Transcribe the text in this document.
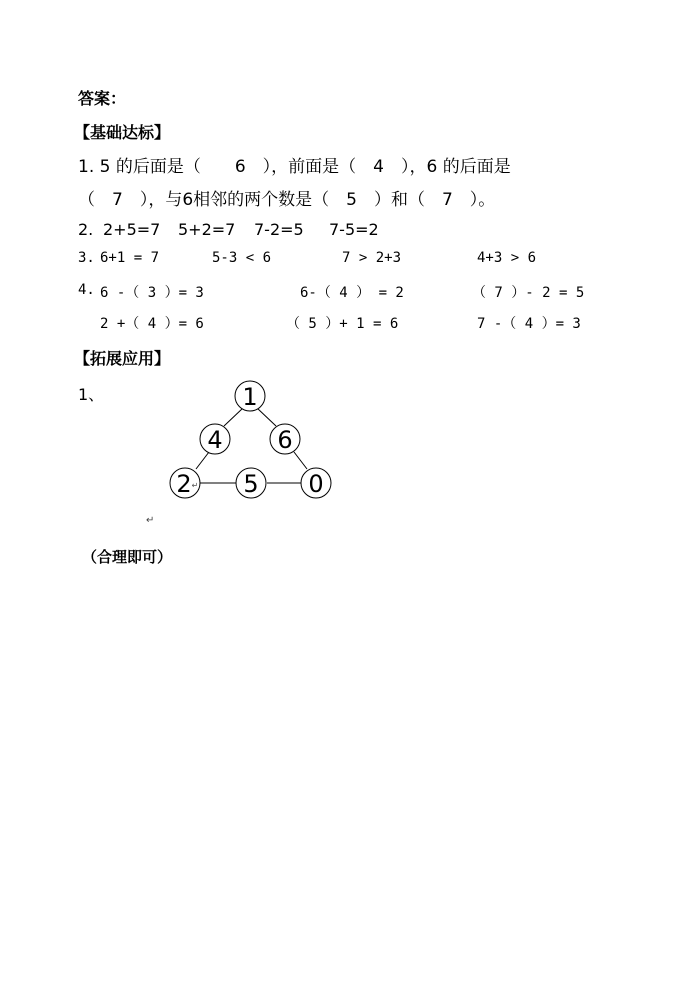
答案：
【基础达标】
1. 5 的后面是（　　6　），前面是（　4　），6 的后面是
（　7　），与6相邻的两个数是（　5　）和（　7　）。
2. 2+5=7 5+2=7 7-2=5 7-5=2
3. 6+1 = 7	5-3 < 6	7 > 2+3	4+3 > 6
4. 6 -（ 3 ）= 3	6-（ 4 ） = 2	（ 7 ）- 2 = 5
2 +（ 4 ）= 6	（ 5 ）+ 1 = 6	7 -（ 4 ）= 3
【拓展应用】
1、	1
4 6
2 ↵ 5 0
↵
（合理即可）
